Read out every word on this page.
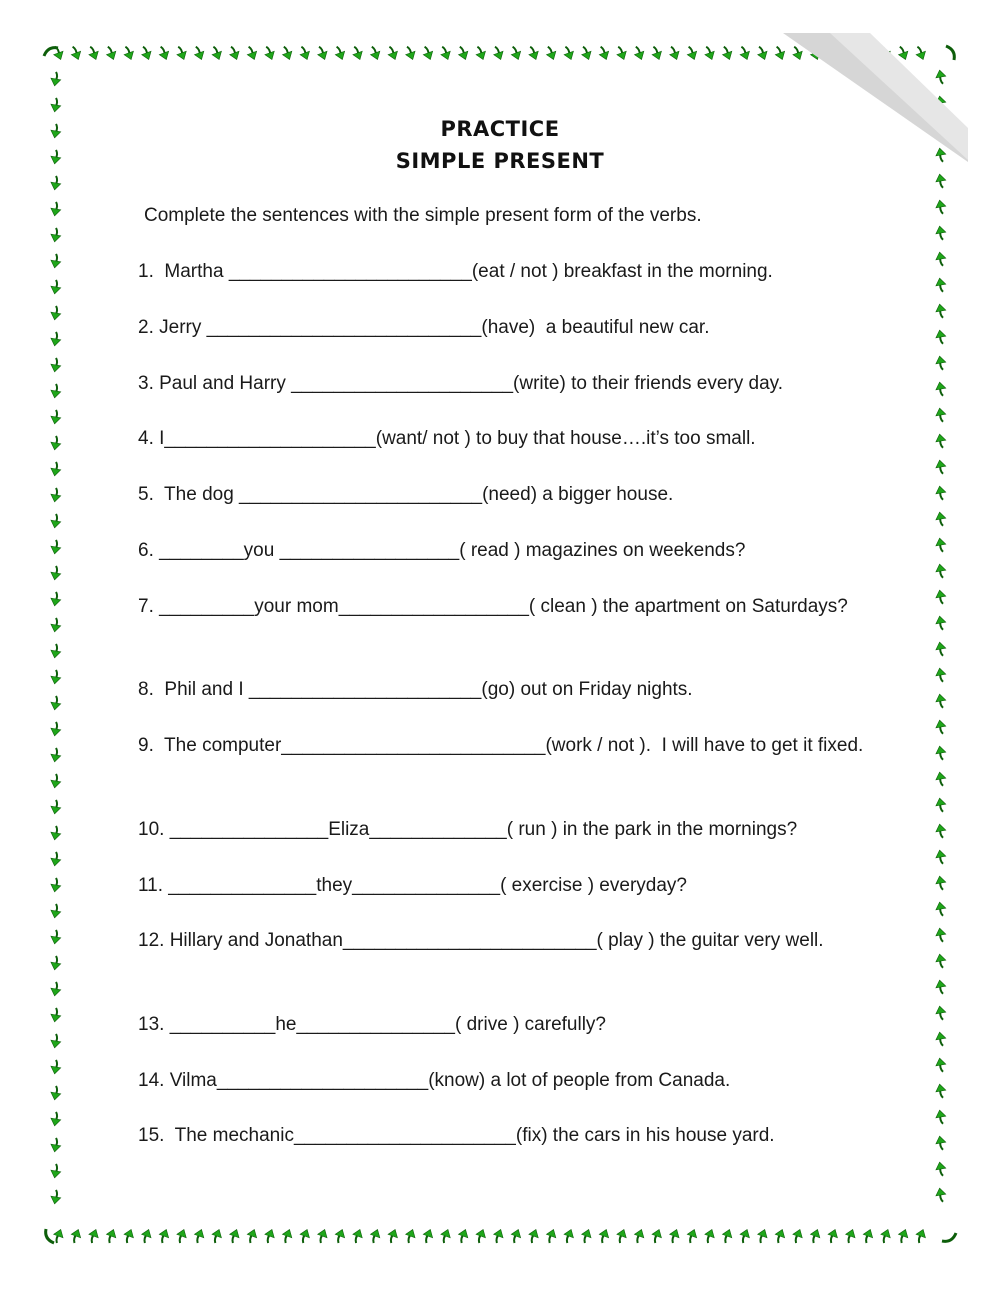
PRACTICE
SIMPLE PRESENT
Complete the sentences with the simple present form of the verbs.
1.  Martha _______________________(eat / not ) breakfast in the morning.
2. Jerry __________________________(have)  a beautiful new car.
3. Paul and Harry _____________________(write) to their friends every day.
4. I____________________(want/ not ) to buy that house….it’s too small.
5.  The dog _______________________(need) a bigger house.
6. ________you _________________( read ) magazines on weekends?
7. _________your mom__________________( clean ) the apartment on Saturdays?
8.  Phil and I ______________________(go) out on Friday nights.
9.  The computer_________________________(work / not ).  I will have to get it fixed.
10. _______________Eliza_____________( run ) in the park in the mornings?
11. ______________they______________( exercise ) everyday?
12. Hillary and Jonathan________________________( play ) the guitar very well.
13. __________he_______________( drive ) carefully?
14. Vilma____________________(know) a lot of people from Canada.
15.  The mechanic_____________________(fix) the cars in his house yard.
